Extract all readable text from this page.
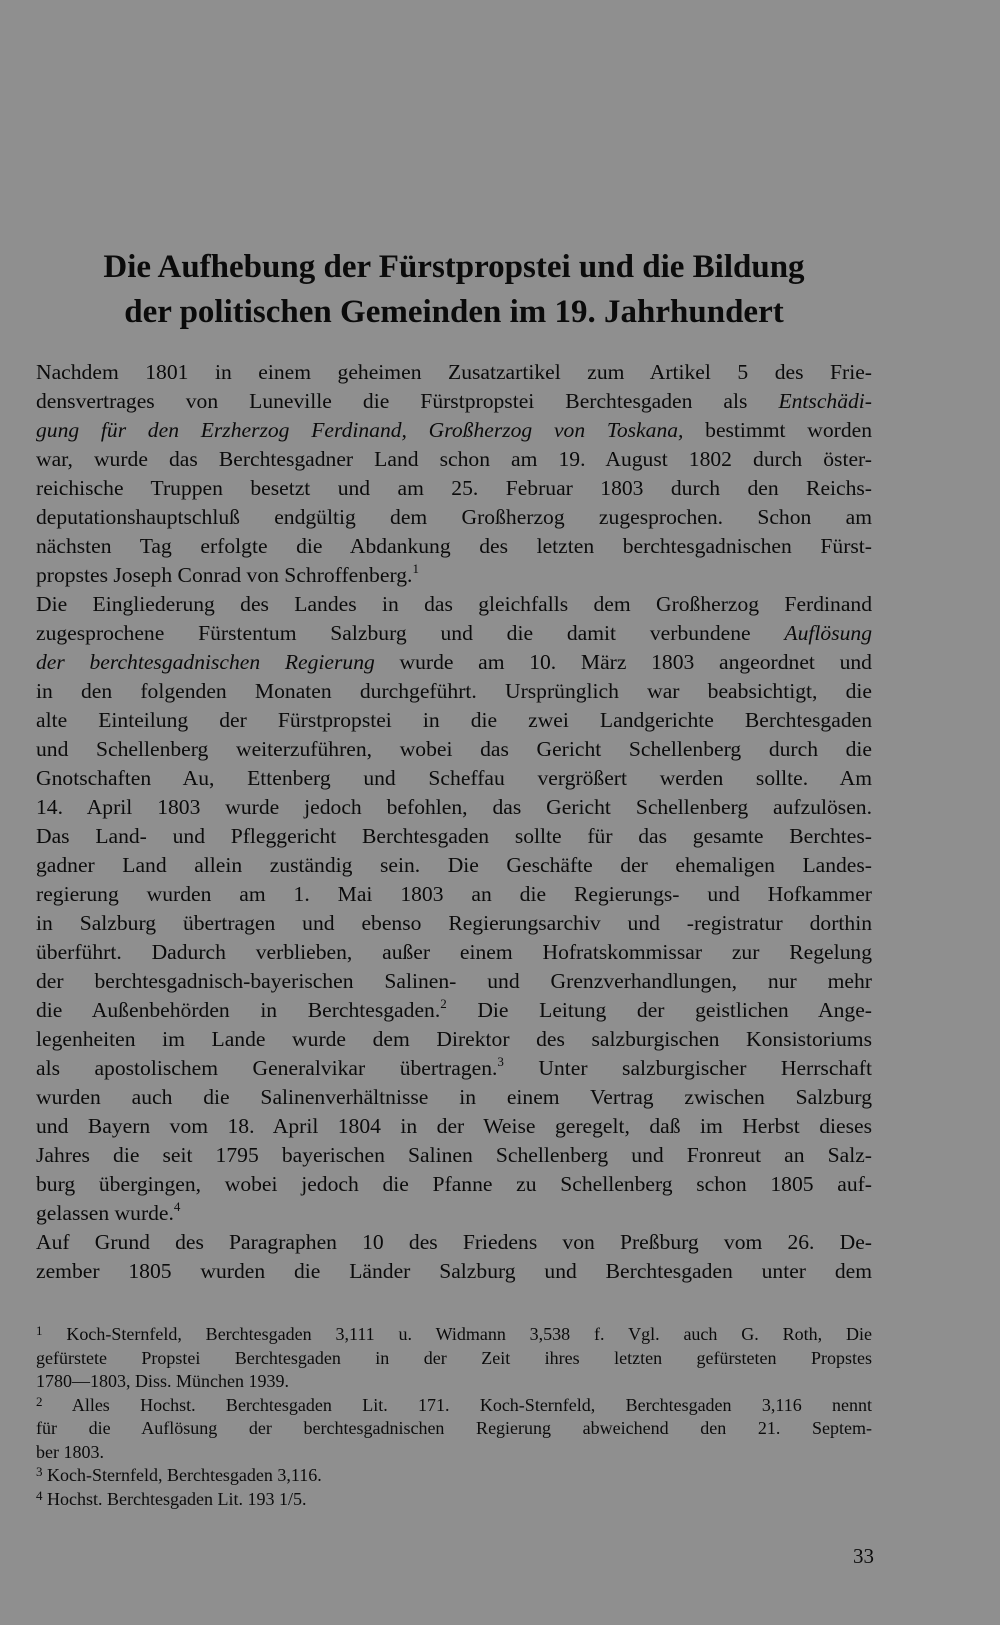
Die Aufhebung der Fürstpropstei und die Bildung
der politischen Gemeinden im 19. Jahrhundert
Nachdem 1801 in einem geheimen Zusatzartikel zum Artikel 5 des Frie-
densvertrages von Luneville die Fürstpropstei Berchtesgaden als Entschädi-
gung für den Erzherzog Ferdinand, Großherzog von Toskana, bestimmt worden
war, wurde das Berchtesgadner Land schon am 19. August 1802 durch öster-
reichische Truppen besetzt und am 25. Februar 1803 durch den Reichs-
deputationshauptschluß endgültig dem Großherzog zugesprochen. Schon am
nächsten Tag erfolgte die Abdankung des letzten berchtesgadnischen Fürst-
propstes Joseph Conrad von Schroffenberg.$^1$
Die Eingliederung des Landes in das gleichfalls dem Großherzog Ferdinand
zugesprochene Fürstentum Salzburg und die damit verbundene Auflösung
der berchtesgadnischen Regierung wurde am 10. März 1803 angeordnet und
in den folgenden Monaten durchgeführt. Ursprünglich war beabsichtigt, die
alte Einteilung der Fürstpropstei in die zwei Landgerichte Berchtesgaden
und Schellenberg weiterzuführen, wobei das Gericht Schellenberg durch die
Gnotschaften Au, Ettenberg und Scheffau vergrößert werden sollte. Am
14. April 1803 wurde jedoch befohlen, das Gericht Schellenberg aufzulösen.
Das Land- und Pfleggericht Berchtesgaden sollte für das gesamte Berchtes-
gadner Land allein zuständig sein. Die Geschäfte der ehemaligen Landes-
regierung wurden am 1. Mai 1803 an die Regierungs- und Hofkammer
in Salzburg übertragen und ebenso Regierungsarchiv und -registratur dorthin
überführt. Dadurch verblieben, außer einem Hofratskommissar zur Regelung
der berchtesgadnisch-bayerischen Salinen- und Grenzverhandlungen, nur mehr
die Außenbehörden in Berchtesgaden.$^2$ Die Leitung der geistlichen Ange-
legenheiten im Lande wurde dem Direktor des salzburgischen Konsistoriums
als apostolischem Generalvikar übertragen.$^3$ Unter salzburgischer Herrschaft
wurden auch die Salinenverhältnisse in einem Vertrag zwischen Salzburg
und Bayern vom 18. April 1804 in der Weise geregelt, daß im Herbst dieses
Jahres die seit 1795 bayerischen Salinen Schellenberg und Fronreut an Salz-
burg übergingen, wobei jedoch die Pfanne zu Schellenberg schon 1805 auf-
gelassen wurde.$^4$
Auf Grund des Paragraphen 10 des Friedens von Preßburg vom 26. De-
zember 1805 wurden die Länder Salzburg und Berchtesgaden unter dem
$^1$ Koch-Sternfeld, Berchtesgaden 3,111 u. Widmann 3,538 f. Vgl. auch G. Roth, Die
gefürstete Propstei Berchtesgaden in der Zeit ihres letzten gefürsteten Propstes
1780—1803, Diss. München 1939.
$^2$ Alles Hochst. Berchtesgaden Lit. 171. Koch-Sternfeld, Berchtesgaden 3,116 nennt
für die Auflösung der berchtesgadnischen Regierung abweichend den 21. Septem-
ber 1803.
$^3$ Koch-Sternfeld, Berchtesgaden 3,116.
$^4$ Hochst. Berchtesgaden Lit. 193 1/5.
33
